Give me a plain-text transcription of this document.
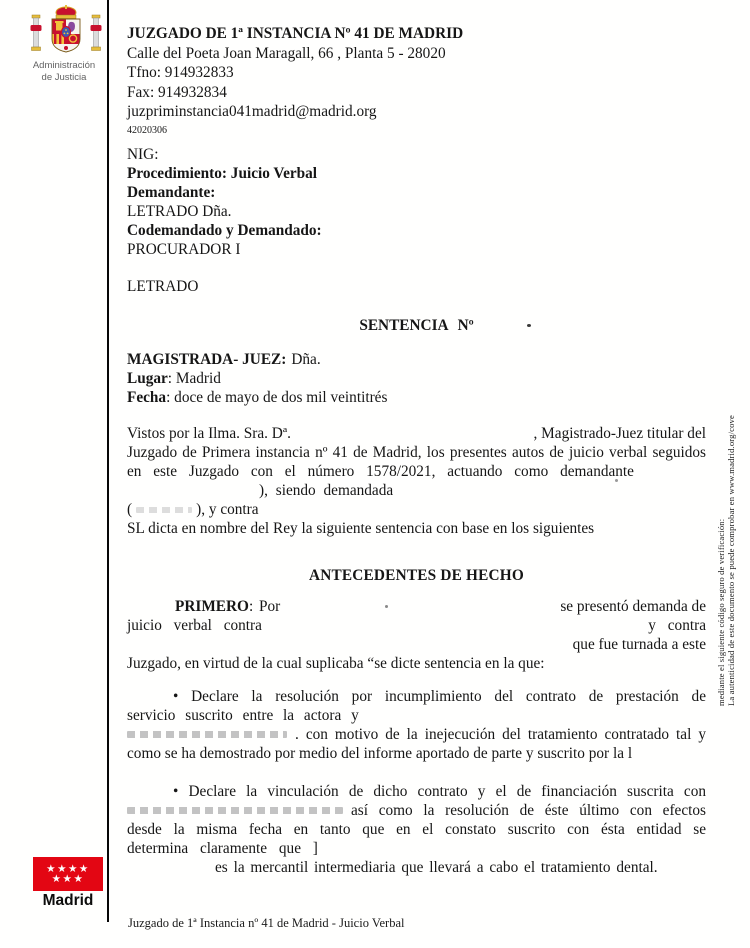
Administración
de Justicia
★★★★
★★★
Madrid
JUZGADO DE 1ª INSTANCIA Nº 41 DE MADRID
Calle del Poeta Joan Maragall, 66 , Planta 5 - 28020
Tfno: 914932833
Fax: 914932834
juzpriminstancia041madrid@madrid.org
42020306
NIG:
Procedimiento: Juicio Verbal
Demandante:
LETRADO Dña.
Codemandado y Demandado:
PROCURADOR I
LETRADO
SENTENCIA Nº
MAGISTRADA- JUEZ: Dña.
Lugar: Madrid
Fecha: doce de mayo de dos mil veintitrés
Vistos por la Ilma. Sra. Dª.	, Magistrado-Juez titular del
Juzgado de Primera instancia nº 41 de Madrid, los presentes autos de juicio verbal seguidos
en este Juzgado con el número 1578/2021, actuando como demandante
), siendo demandada
(	), y contra
SL dicta en nombre del Rey la siguiente sentencia con base en los siguientes
ANTECEDENTES DE HECHO
PRIMERO: Por	se presentó demanda de
juicio verbal contra	y contra
que fue turnada a este
Juzgado, en virtud de la cual suplicaba “se dicte sentencia en la que:
• Declare la resolución por incumplimiento del contrato de prestación de
servicio suscrito entre la actora y
. con motivo de la inejecución del tratamiento contratado tal y
como se ha demostrado por medio del informe aportado de parte y suscrito por la l
• Declare la vinculación de dicho contrato y el de financiación suscrita con
así como la resolución de éste último con efectos
desde la misma fecha en tanto que en el constato suscrito con ésta entidad se
determina claramente que ]
es la mercantil intermediaria que llevará a cabo el tratamiento dental.
La autenticidad de este documento se puede comprobar en www.madrid.org/cove
mediante el siguiente código seguro de verificación:
Juzgado de 1ª Instancia nº 41 de Madrid - Juicio Verbal
